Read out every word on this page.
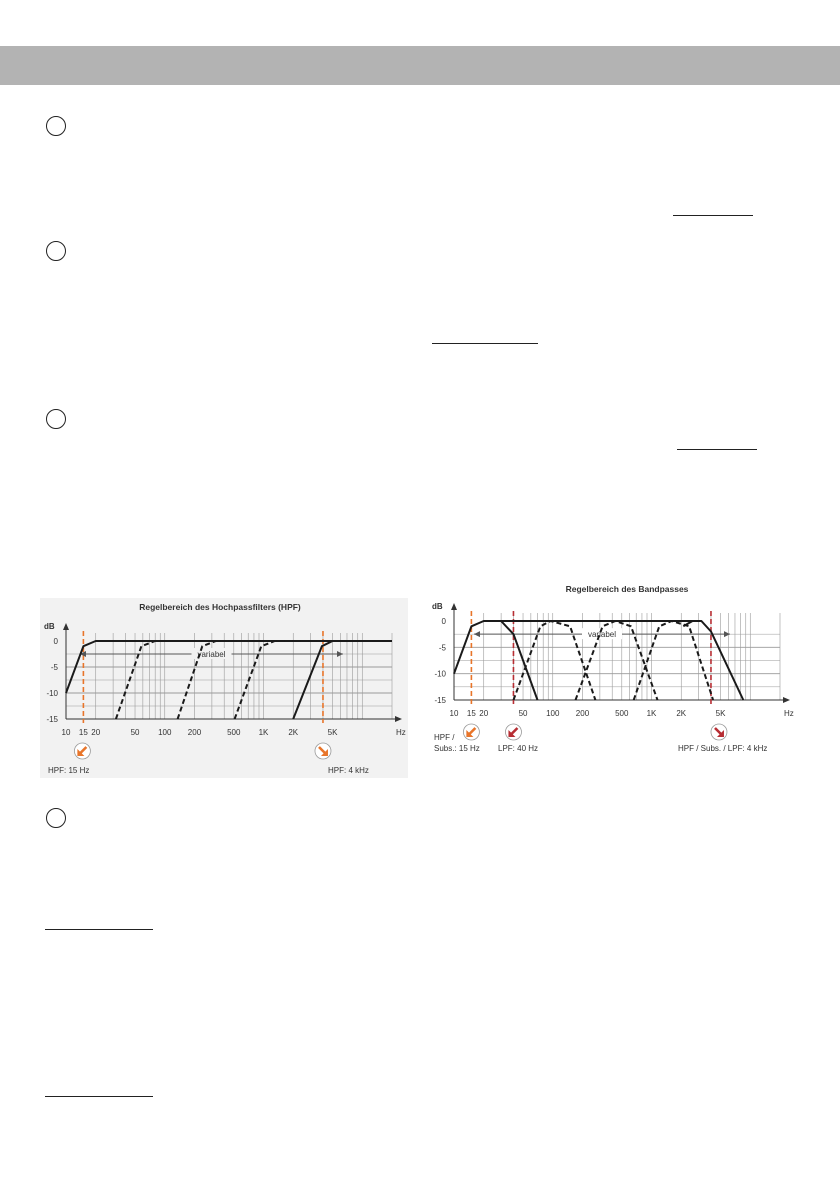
Regelbereich des Hochpassfilters (HPF)
dB
Hz
0
-5
-10
-15
10 15 20	50 100 200	500 1K 2K	5K
variabel
HPF: 15 Hz	HPF: 4 kHz
Regelbereich des Bandpasses
dB
Hz
0
-5
-10
-15
10 15 20	50 100 200	500 1K 2K	5K
variabel
HPF /
Subs.: 15 Hz LPF: 40 Hz	HPF / Subs. / LPF: 4 kHz
